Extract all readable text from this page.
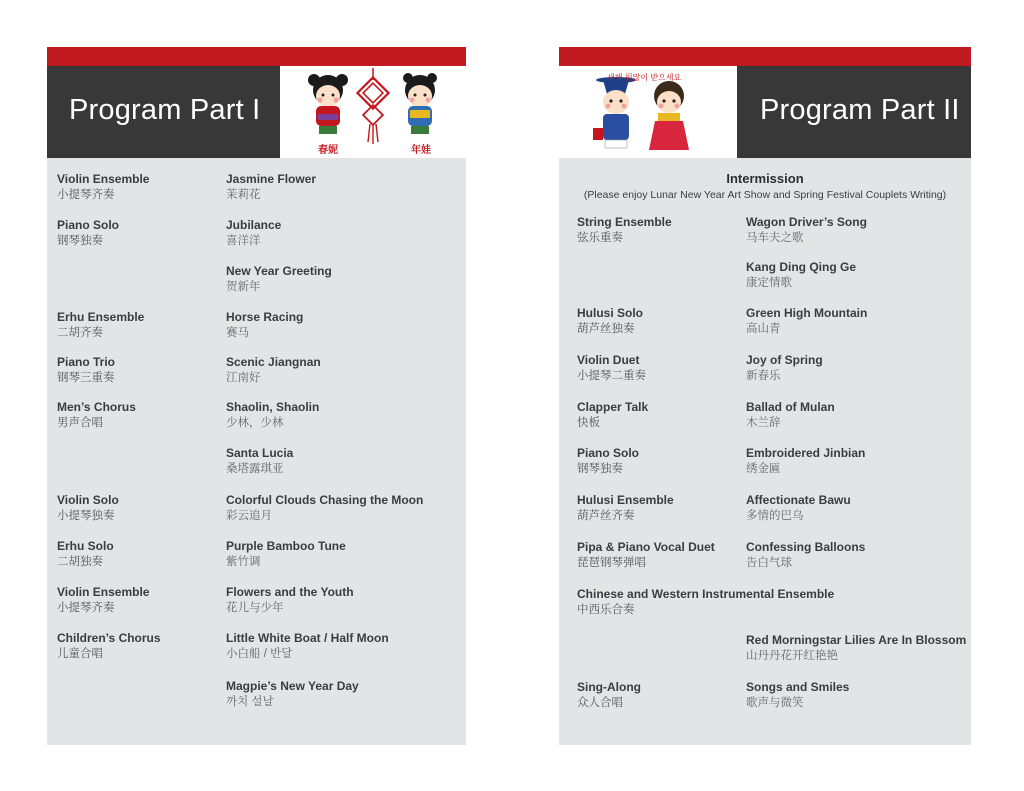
Program Part I
春妮	年娃
Violin Ensemble
小提琴齐奏
Piano Solo
钢琴独奏
Erhu Ensemble
二胡齐奏
Piano Trio
钢琴三重奏
Men’s Chorus
男声合唱
Violin Solo
小提琴独奏
Erhu Solo
二胡独奏
Violin Ensemble
小提琴齐奏
Children’s Chorus
儿童合唱
Jasmine Flower
茉莉花
Jubilance
喜洋洋
New Year Greeting
贺新年
Horse Racing
赛马
Scenic Jiangnan
江南好
Shaolin, Shaolin
少林，少林
Santa Lucia
桑塔露琪亚
Colorful Clouds Chasing the Moon
彩云追月
Purple Bamboo Tune
紫竹调
Flowers and the Youth
花儿与少年
Little White Boat / Half Moon
小白船 / 반달
Magpie’s New Year Day
까치 설날
새해 福많이 받으세요
Program Part II
Intermission
(Please enjoy Lunar New Year Art Show and Spring Festival Couplets Writing)
String Ensemble
弦乐重奏
Hulusi Solo
葫芦丝独奏
Violin Duet
小提琴二重奏
Clapper Talk
快板
Piano Solo
钢琴独奏
Hulusi Ensemble
葫芦丝齐奏
Pipa & Piano Vocal Duet
琵琶钢琴弹唱
Chinese and Western Instrumental Ensemble
中西乐合奏
Sing-Along
众人合唱
Wagon Driver’s Song
马车夫之歌
Kang Ding Qing Ge
康定情歌
Green High Mountain
高山青
Joy of Spring
新春乐
Ballad of Mulan
木兰辞
Embroidered Jinbian
绣金匾
Affectionate Bawu
多情的巴乌
Confessing Balloons
告白气球
Red Morningstar Lilies Are In Blossom
山丹丹花开红艳艳
Songs and Smiles
歌声与微笑
